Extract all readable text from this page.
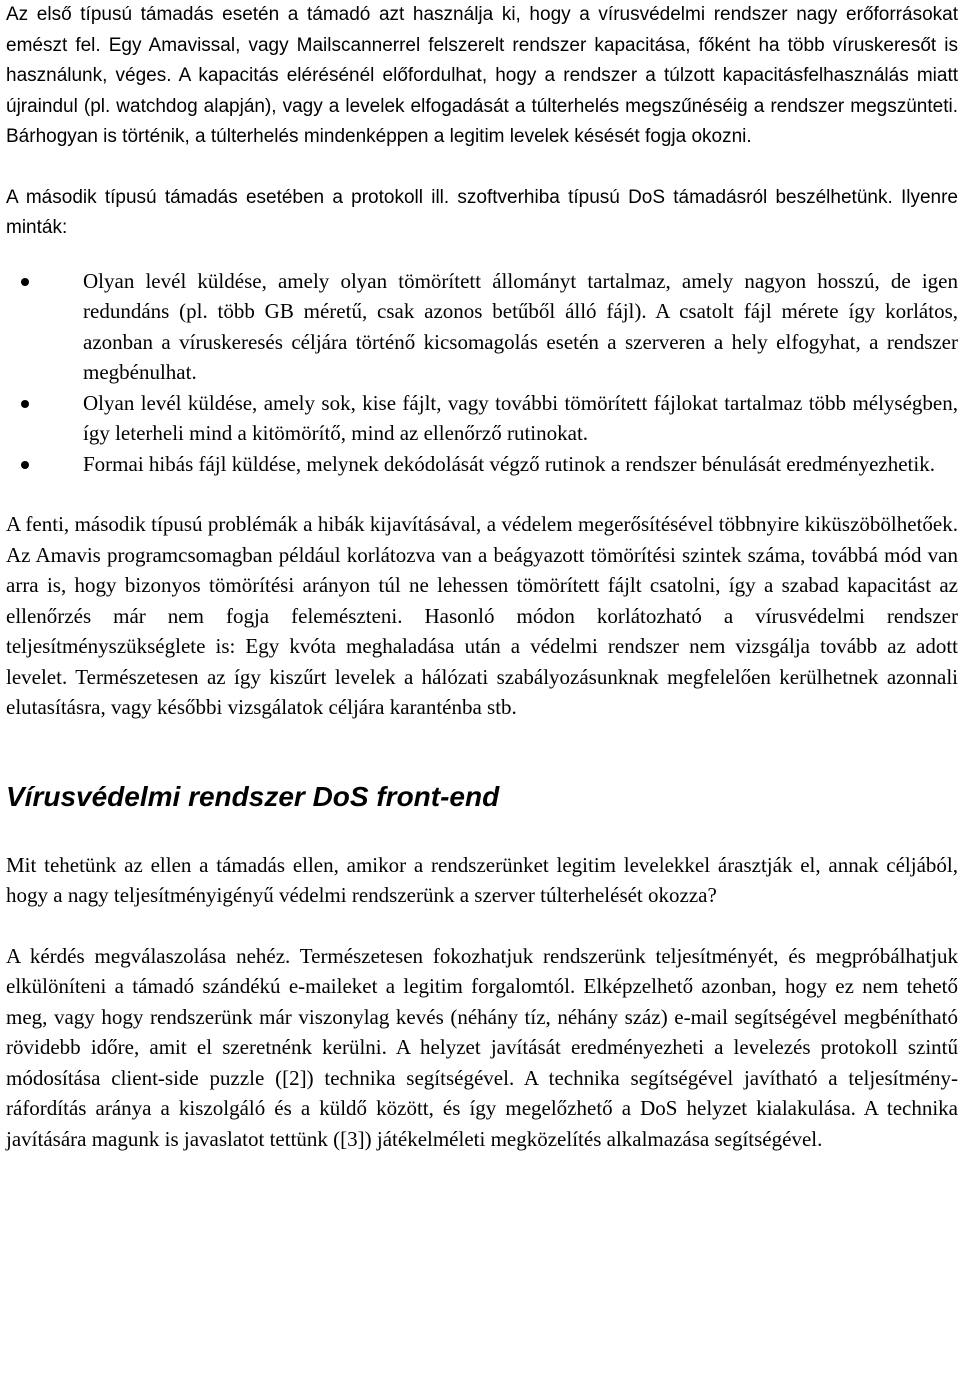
Az első típusú támadás esetén a támadó azt használja ki, hogy a vírusvédelmi rendszer nagy erőforrásokat emészt fel. Egy Amavissal, vagy Mailscannerrel felszerelt rendszer kapacitása, főként ha több víruskeresőt is használunk, véges. A kapacitás elérésénél előfordulhat, hogy a rendszer a túlzott kapacitásfelhasználás miatt újraindul (pl. watchdog alapján), vagy a levelek elfogadását a túlterhelés megszűnéséig a rendszer megszünteti. Bárhogyan is történik, a túlterhelés mindenképpen a legitim levelek késését fogja okozni.

A második típusú támadás esetében a protokoll ill. szoftverhiba típusú DoS támadásról beszélhetünk. Ilyenre minták:

Olyan levél küldése, amely olyan tömörített állományt tartalmaz, amely nagyon hosszú, de igen redundáns (pl. több GB méretű, csak azonos betűből álló fájl). A csatolt fájl mérete így korlátos, azonban a víruskeresés céljára történő kicsomagolás esetén a szerveren a hely elfogyhat, a rendszer megbénulhat.
Olyan levél küldése, amely sok, kise fájlt, vagy további tömörített fájlokat tartalmaz több mélységben, így leterheli mind a kitömörítő, mind az ellenőrző rutinokat.
Formai hibás fájl küldése, melynek dekódolását végző rutinok a rendszer bénulását eredményezhetik.

A fenti, második típusú problémák a hibák kijavításával, a védelem megerősítésével többnyire kiküszöbölhetőek. Az Amavis programcsomagban például korlátozva van a beágyazott tömörítési szintek száma, továbbá mód van arra is, hogy bizonyos tömörítési arányon túl ne lehessen tömörített fájlt csatolni, így a szabad kapacitást az ellenőrzés már nem fogja felemészteni. Hasonló módon korlátozható a vírusvédelmi rendszer teljesítményszükséglete is: Egy kvóta meghaladása után a védelmi rendszer nem vizsgálja tovább az adott levelet. Természetesen az így kiszűrt levelek a hálózati szabályozásunknak megfelelően kerülhetnek azonnali elutasításra, vagy későbbi vizsgálatok céljára karanténba stb.

Vírusvédelmi rendszer DoS front-end

Mit tehetünk az ellen a támadás ellen, amikor a rendszerünket legitim levelekkel árasztják el, annak céljából, hogy a nagy teljesítményigényű védelmi rendszerünk a szerver túlterhelését okozza?

A kérdés megválaszolása nehéz. Természetesen fokozhatjuk rendszerünk teljesítményét, és megpróbálhatjuk elkülöníteni a támadó szándékú e-maileket a legitim forgalomtól. Elképzelhető azonban, hogy ez nem tehető meg, vagy hogy rendszerünk már viszonylag kevés (néhány tíz, néhány száz) e-mail segítségével megbénítható rövidebb időre, amit el szeretnénk kerülni. A helyzet javítását eredményezheti a levelezés protokoll szintű módosítása client-side puzzle ([2]) technika segítségével. A technika segítségével javítható a teljesítmény-ráfordítás aránya a kiszolgáló és a küldő között, és így megelőzhető a DoS helyzet kialakulása. A technika javítására magunk is javaslatot tettünk ([3]) játékelméleti megközelítés alkalmazása segítségével.
